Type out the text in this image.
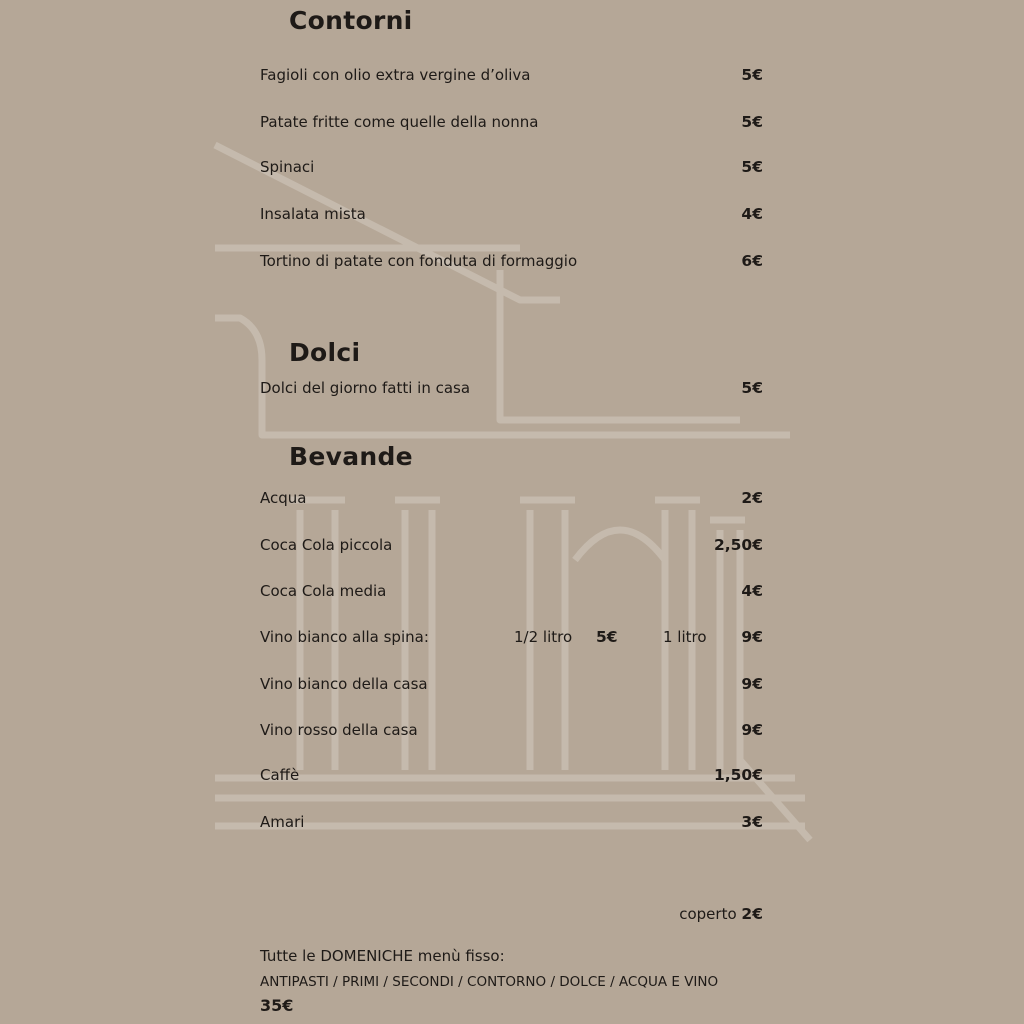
Contorni
Fagioli con olio extra vergine d’oliva	5€
Patate fritte come quelle della nonna	5€
Spinaci	5€
Insalata mista	4€
Tortino di patate con fonduta di formaggio	6€
Dolci
Dolci del giorno fatti in casa	5€
Bevande
Acqua	2€
Coca Cola piccola	2,50€
Coca Cola media	4€
Vino bianco alla spina:	1/2 litro 5€	1 litro 9€
Vino bianco della casa	9€
Vino rosso della casa	9€
Caffè	1,50€
Amari	3€
coperto 2€
Tutte le DOMENICHE menù fisso:
ANTIPASTI / PRIMI / SECONDI / CONTORNO / DOLCE / ACQUA E VINO
35€
